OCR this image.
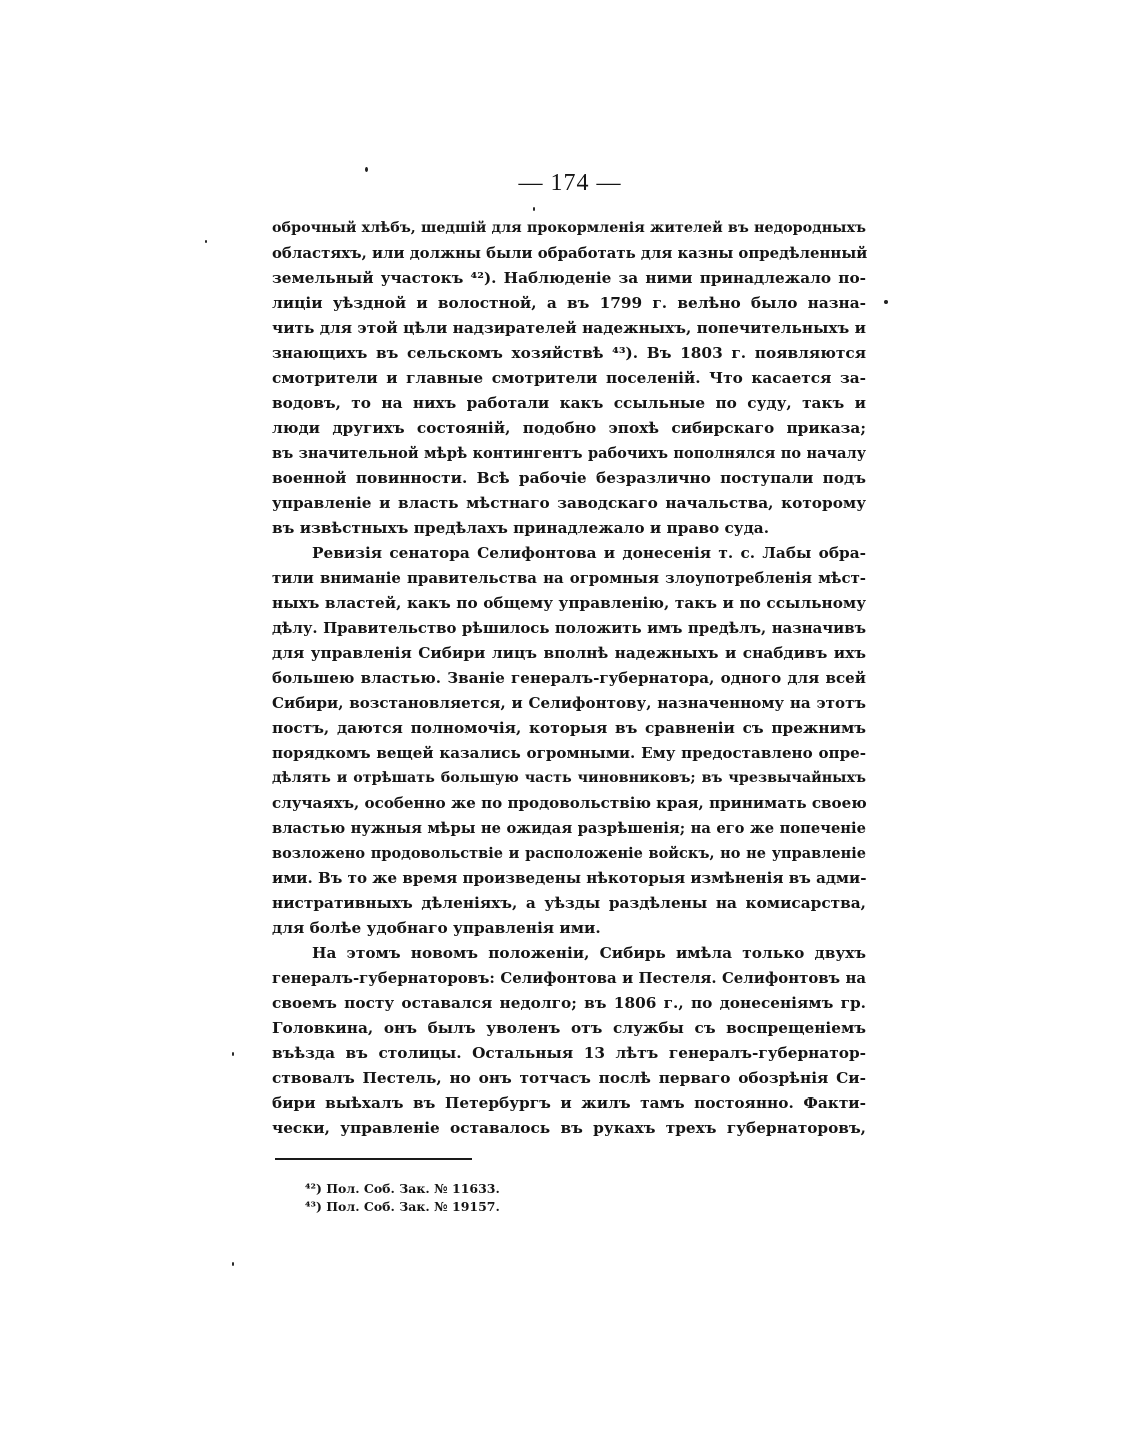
— 174 —
оброчный хлѣбъ, шедшій для прокормленія жителей въ недородныхъ
областяхъ, или должны были обработать для казны опредѣленный
земельный участокъ ⁴²). Наблюденіе за ними принадлежало по-
лиціи уѣздной и волостной, а въ 1799 г. велѣно было назна-
чить для этой цѣли надзирателей надежныхъ, попечительныхъ и
знающихъ въ сельскомъ хозяйствѣ ⁴³). Въ 1803 г. появляются
смотрители и главные смотрители поселеній. Что касается за-
водовъ, то на нихъ работали какъ ссыльные по суду, такъ и
люди другихъ состояній, подобно эпохѣ сибирскаго приказа;
въ значительной мѣрѣ контингентъ рабочихъ пополнялся по началу
военной повинности. Всѣ рабочіе безразлично поступали подъ
управленіе и власть мѣстнаго заводскаго начальства, которому
въ извѣстныхъ предѣлахъ принадлежало и право суда.
Ревизія сенатора Селифонтова и донесенія т. с. Лабы обра-
тили вниманіе правительства на огромныя злоупотребленія мѣст-
ныхъ властей, какъ по общему управленію, такъ и по ссыльному
дѣлу. Правительство рѣшилось положить имъ предѣлъ, назначивъ
для управленія Сибири лицъ вполнѣ надежныхъ и снабдивъ ихъ
большею властью. Званіе генералъ-губернатора, одного для всей
Сибири, возстановляется, и Селифонтову, назначенному на этотъ
постъ, даются полномочія, которыя въ сравненіи съ прежнимъ
порядкомъ вещей казались огромными. Ему предоставлено опре-
дѣлять и отрѣшать большую часть чиновниковъ; въ чрезвычайныхъ
случаяхъ, особенно же по продовольствію края, принимать своею
властью нужныя мѣры не ожидая разрѣшенія; на его же попеченіе
возложено продовольствіе и расположеніе войскъ, но не управленіе
ими. Въ то же время произведены нѣкоторыя измѣненія въ адми-
нистративныхъ дѣленіяхъ, а уѣзды раздѣлены на комисарства,
для болѣе удобнаго управленія ими.
На этомъ новомъ положеніи, Сибирь имѣла только двухъ
генералъ-губернаторовъ: Селифонтова и Пестеля. Селифонтовъ на
своемъ посту оставался недолго; въ 1806 г., по донесеніямъ гр.
Головкина, онъ былъ уволенъ отъ службы съ воспрещеніемъ
въѣзда въ столицы. Остальныя 13 лѣтъ генералъ-губернатор-
ствовалъ Пестель, но онъ тотчасъ послѣ перваго обозрѣнія Си-
бири выѣхалъ въ Петербургъ и жилъ тамъ постоянно. Факти-
чески, управленіе оставалось въ рукахъ трехъ губернаторовъ,
⁴²) Пол. Соб. Зак. № 11633.
⁴³) Пол. Соб. Зак. № 19157.
